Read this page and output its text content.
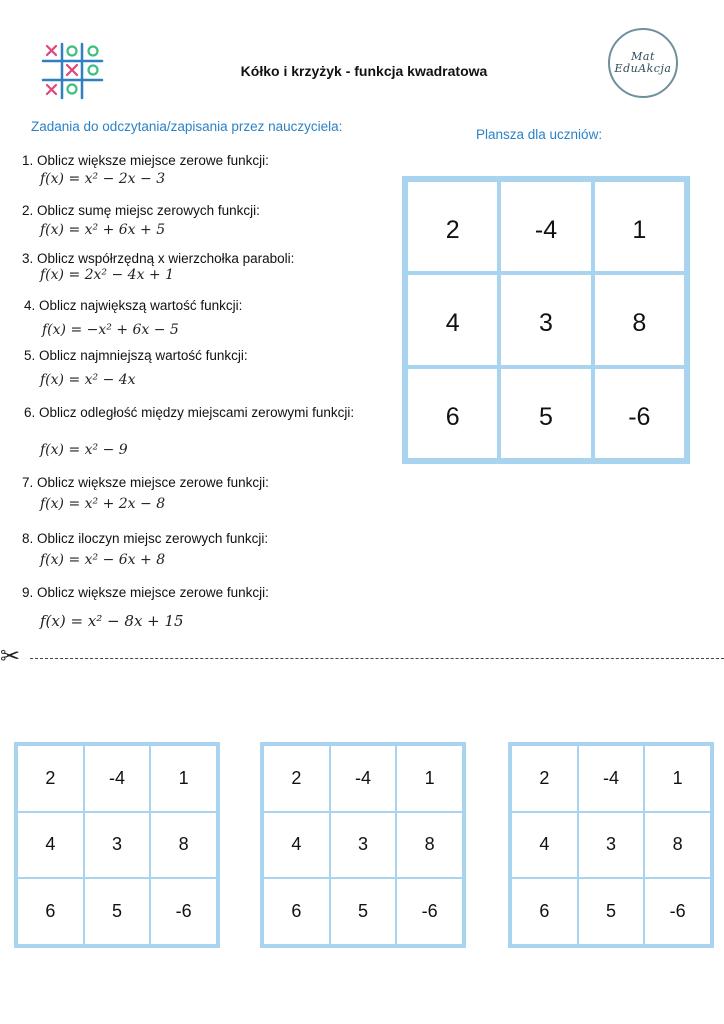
Kółko i krzyżyk - funkcja kwadratowa
Mat
EduAkcja
Zadania do odczytania/zapisania przez nauczyciela:
Plansza dla uczniów:
1. Oblicz większe miejsce zerowe funkcji:
f(x) = x² − 2x − 3
2. Oblicz sumę miejsc zerowych funkcji:
f(x) = x² + 6x + 5
3. Oblicz współrzędną x wierzchołka paraboli:
f(x) = 2x² − 4x + 1
4. Oblicz największą wartość funkcji:
f(x) = −x² + 6x − 5
5. Oblicz najmniejszą wartość funkcji:
f(x) = x² − 4x
6. Oblicz odległość między miejscami zerowymi funkcji:
f(x) = x² − 9
7. Oblicz większe miejsce zerowe funkcji:
f(x) = x² + 2x − 8
8. Oblicz iloczyn miejsc zerowych funkcji:
f(x) = x² − 6x + 8
9. Oblicz większe miejsce zerowe funkcji:
f(x) = x² − 8x + 15
2	-4	1
4	3	8
6	5	-6
✂
2	-4	1
4	3	8
6	5	-6
2	-4	1
4	3	8
6	5	-6
2	-4	1
4	3	8
6	5	-6
